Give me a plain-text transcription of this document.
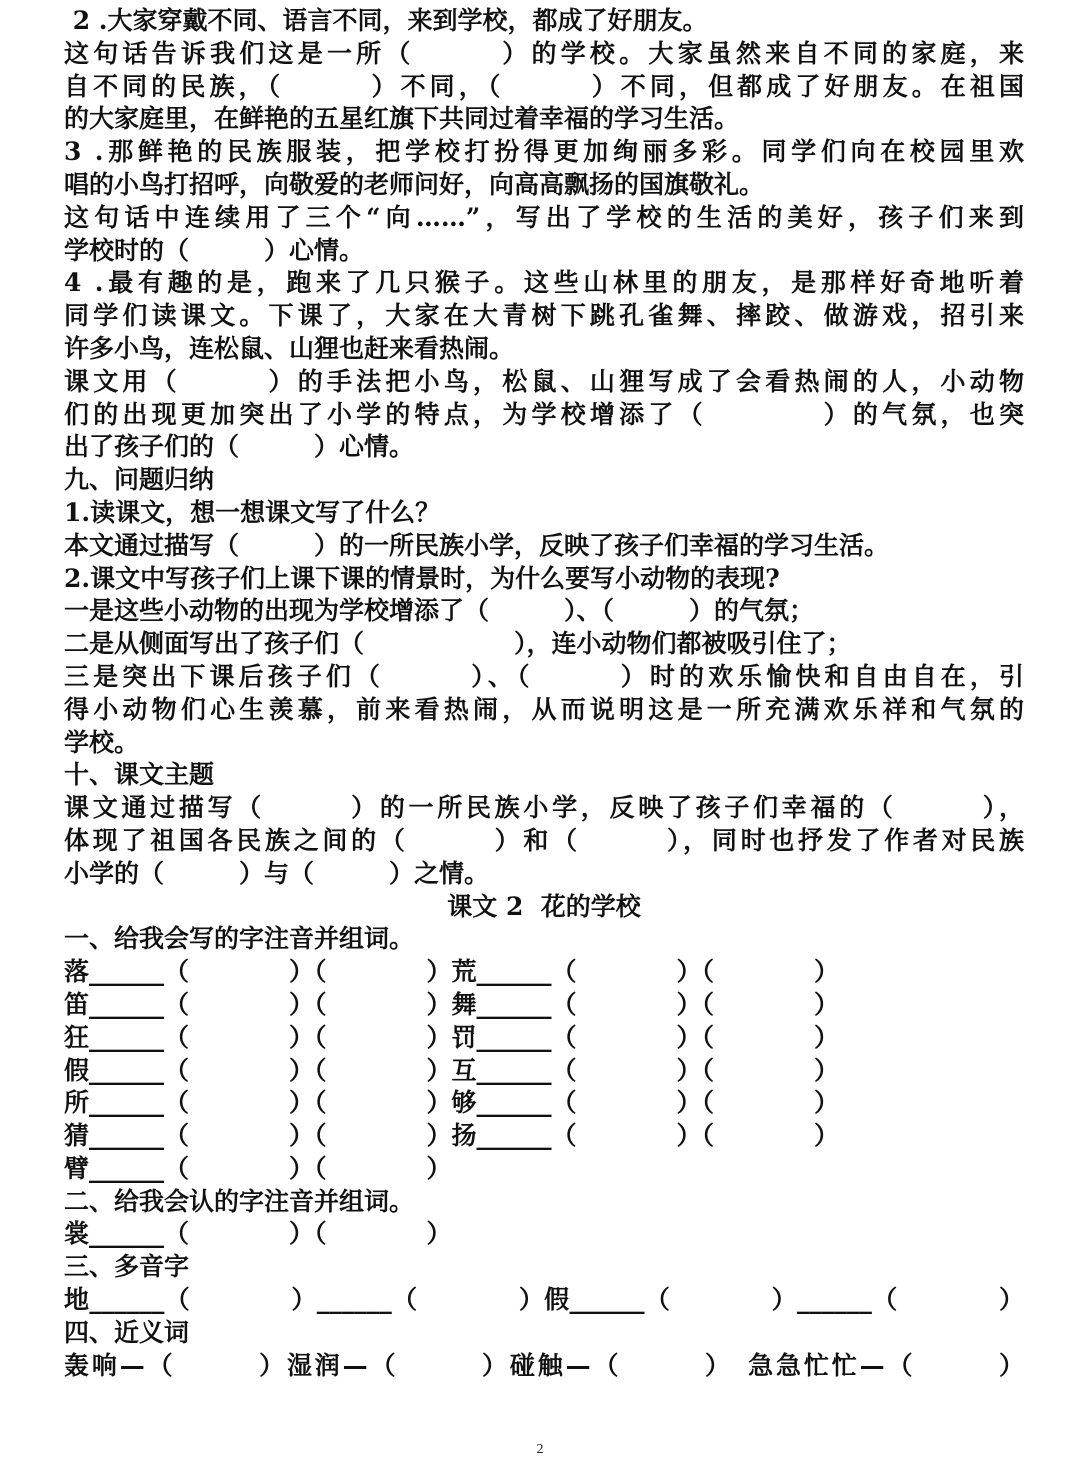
2 .大家穿戴不同、语言不同，来到学校，都成了好朋友。
这句话告诉我们这是一所（　　　）的学校。大家虽然来自不同的家庭，来
自不同的民族，（　　　）不同，（　　　）不同，但都成了好朋友。在祖国
的大家庭里，在鲜艳的五星红旗下共同过着幸福的学习生活。
3 .那鲜艳的民族服装，把学校打扮得更加绚丽多彩。同学们向在校园里欢
唱的小鸟打招呼，向敬爱的老师问好，向高高飘扬的国旗敬礼。
这句话中连续用了三个“向……”，写出了学校的生活的美好，孩子们来到
学校时的（　　　）心情。
4 .最有趣的是，跑来了几只猴子。这些山林里的朋友，是那样好奇地听着
同学们读课文。下课了，大家在大青树下跳孔雀舞、摔跤、做游戏，招引来
许多小鸟，连松鼠、山狸也赶来看热闹。
课文用（　　　）的手法把小鸟，松鼠、山狸写成了会看热闹的人，小动物
们的出现更加突出了小学的特点，为学校增添了（　　　　）的气氛，也突
出了孩子们的（　　　）心情。
九、问题归纳
1.读课文，想一想课文写了什么？
本文通过描写（　　　）的一所民族小学，反映了孩子们幸福的学习生活。
2.课文中写孩子们上课下课的情景时，为什么要写小动物的表现?
一是这些小动物的出现为学校增添了（　　　）、（　　　）的气氛；
二是从侧面写出了孩子们（　　　　　　），连小动物们都被吸引住了；
三是突出下课后孩子们（　　　）、（　　　）时的欢乐愉快和自由自在，引
得小动物们心生羡慕，前来看热闹，从而说明这是一所充满欢乐祥和气氛的
学校。
十、课文主题
课文通过描写（　　　）的一所民族小学，反映了孩子们幸福的（　　　），
体现了祖国各民族之间的（　　　）和（　　　），同时也抒发了作者对民族
小学的（　　　）与（　　　）之情。
课文 2  花的学校
一、给我会写的字注音并组词。
落______（　　　　）（　　　　）荒______（　　　　）（　　　　）
笛______（　　　　）（　　　　）舞______（　　　　）（　　　　）
狂______（　　　　）（　　　　）罚______（　　　　）（　　　　）
假______（　　　　）（　　　　）互______（　　　　）（　　　　）
所______（　　　　）（　　　　）够______（　　　　）（　　　　）
猜______（　　　　）（　　　　）扬______（　　　　）（　　　　）
臂______（　　　　）（　　　　）
二、给我会认的字注音并组词。
裳______（　　　　）（　　　　）
三、多音字
地______（　　　　）______（　　　　）假______（　　　　）______（　　　　）
四、近义词
轰响—（　　　）湿润—（　　　）碰触—（　　　）　急急忙忙—（　　　）
2
